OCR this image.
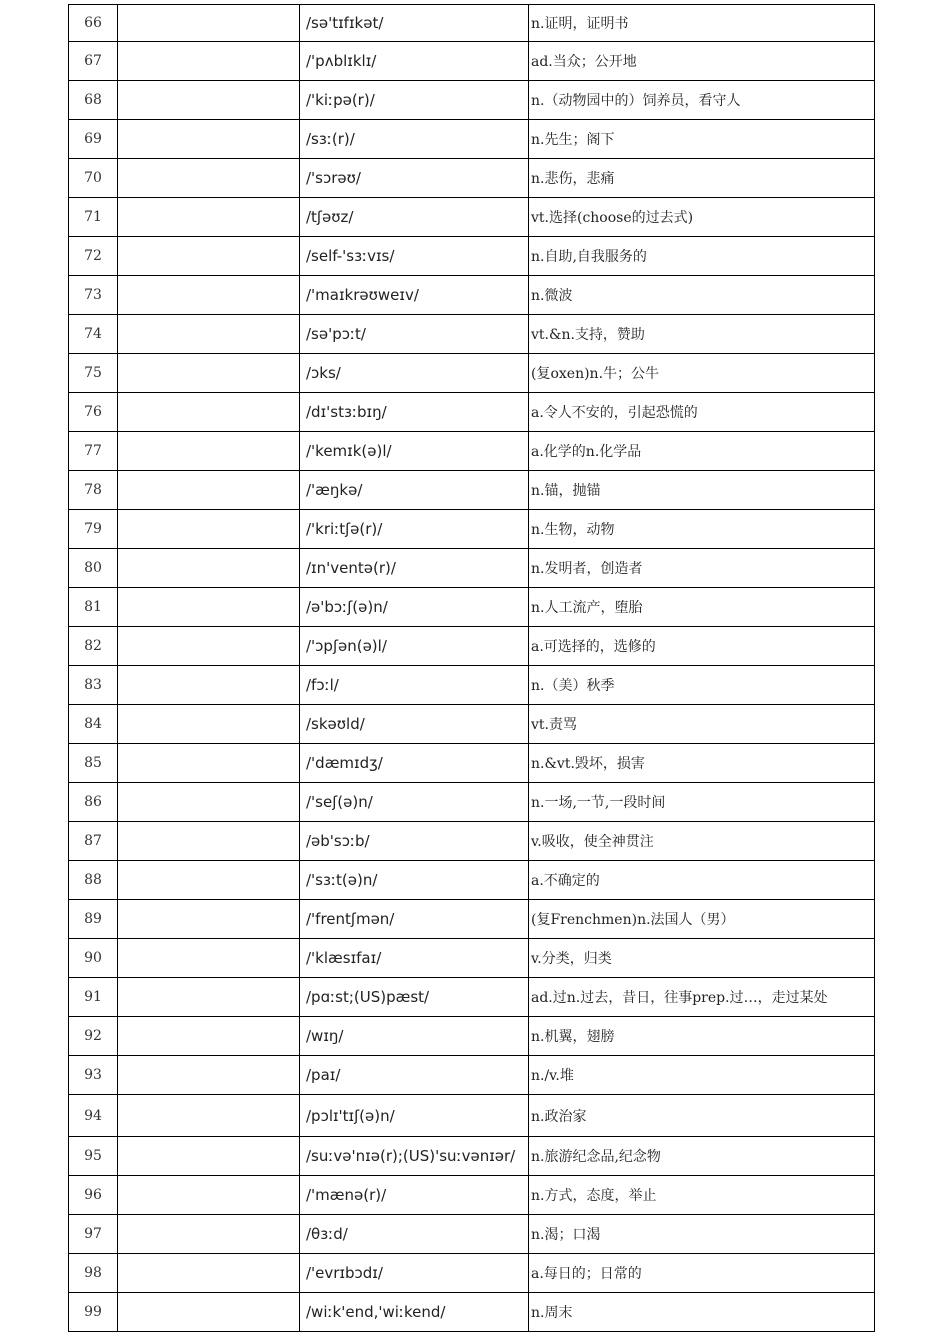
66		/sə'tɪfɪkət/	n.证明，证明书
67		/'pʌblɪklɪ/	ad.当众；公开地
68		/'kiːpə(r)/	n.（动物园中的）饲养员，看守人
69		/sɜː(r)/	n.先生；阁下
70		/'sɔrəʊ/	n.悲伤，悲痛
71		/tʃəʊz/	vt.选择(choose的过去式)
72		/self-'sɜːvɪs/	n.自助,自我服务的
73		/'maɪkrəʊweɪv/	n.微波
74		/sə'pɔːt/	vt.&n.支持，赞助
75		/ɔks/	(复oxen)n.牛；公牛
76		/dɪ'stɜːbɪŋ/	a.令人不安的，引起恐慌的
77		/'kemɪk(ə)l/	a.化学的n.化学品
78		/'æŋkə/	n.锚，抛锚
79		/'kriːtʃə(r)/	n.生物，动物
80		/ɪn'ventə(r)/	n.发明者，创造者
81		/ə'bɔːʃ(ə)n/	n.人工流产，堕胎
82		/'ɔpʃən(ə)l/	a.可选择的，选修的
83		/fɔːl/	n.（美）秋季
84		/skəʊld/	vt.责骂
85		/'dæmɪdʒ/	n.&vt.毁坏，损害
86		/'seʃ(ə)n/	n.一场,一节,一段时间
87		/əb'sɔːb/	v.吸收，使全神贯注
88		/'sɜːt(ə)n/	a.不确定的
89		/'frentʃmən/	(复Frenchmen)n.法国人（男）
90		/'klæsɪfaɪ/	v.分类，归类
91		/pɑːst;(US)pæst/	ad.过n.过去，昔日，往事prep.过…，走过某处
92		/wɪŋ/	n.机翼，翅膀
93		/paɪ/	n./v.堆
94		/pɔlɪ'tɪʃ(ə)n/	n.政治家
95		/suːvə'nɪə(r);(US)'suːvənɪər/	n.旅游纪念品,纪念物
96		/'mænə(r)/	n.方式，态度，举止
97		/θɜːd/	n.渴；口渴
98		/'evrɪbɔdɪ/	a.每日的；日常的
99		/wiːk'end,'wiːkend/	n.周末
